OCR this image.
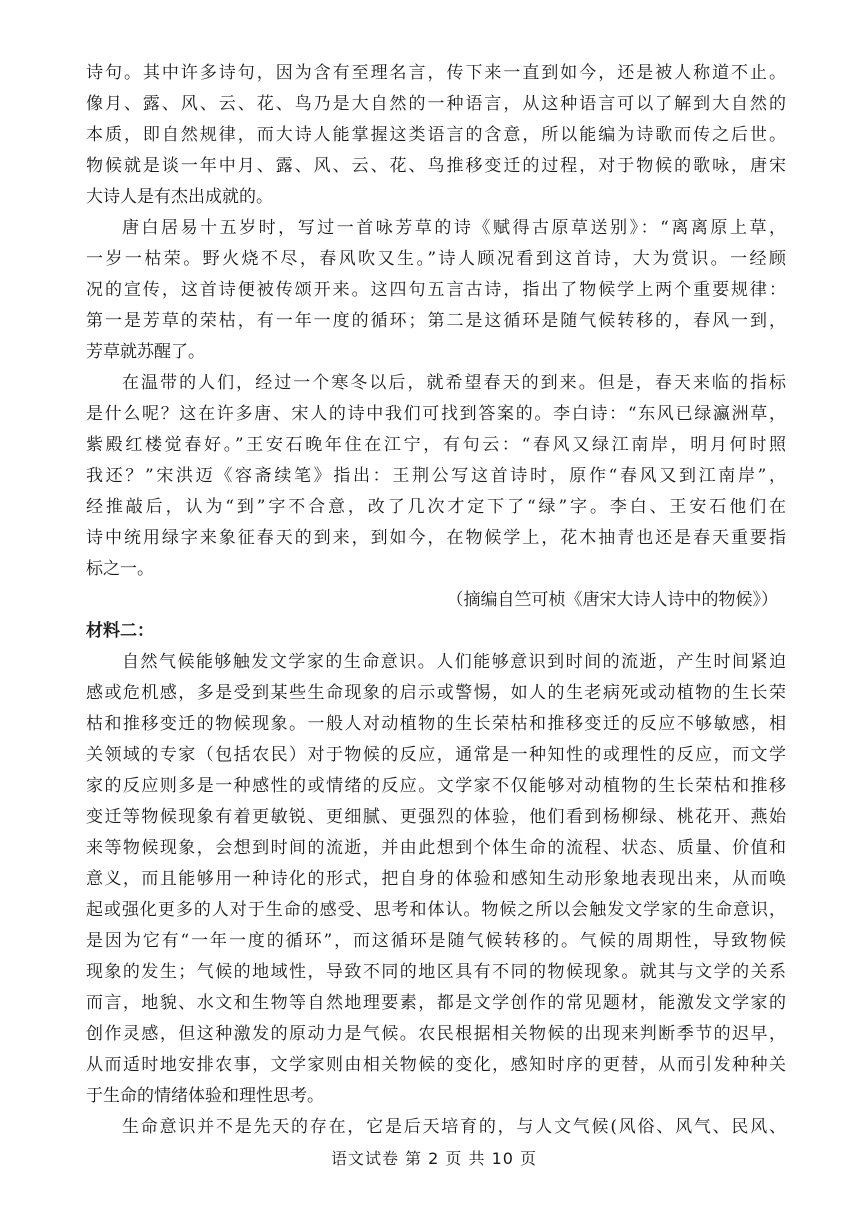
诗句。其中许多诗句，因为含有至理名言，传下来一直到如今，还是被人称道不止。
像月、露、风、云、花、鸟乃是大自然的一种语言，从这种语言可以了解到大自然的
本质，即自然规律，而大诗人能掌握这类语言的含意，所以能编为诗歌而传之后世。
物候就是谈一年中月、露、风、云、花、鸟推移变迁的过程，对于物候的歌咏，唐宋
大诗人是有杰出成就的。
唐白居易十五岁时，写过一首咏芳草的诗《赋得古原草送别》：“离离原上草，
一岁一枯荣。野火烧不尽，春风吹又生。”诗人顾况看到这首诗，大为赏识。一经顾
况的宣传，这首诗便被传颂开来。这四句五言古诗，指出了物候学上两个重要规律：
第一是芳草的荣枯，有一年一度的循环；第二是这循环是随气候转移的，春风一到，
芳草就苏醒了。
在温带的人们，经过一个寒冬以后，就希望春天的到来。但是，春天来临的指标
是什么呢？这在许多唐、宋人的诗中我们可找到答案的。李白诗：“东风已绿瀛洲草，
紫殿红楼觉春好。”王安石晚年住在江宁，有句云：“春风又绿江南岸，明月何时照
我还？”宋洪迈《容斋续笔》指出：王荆公写这首诗时，原作“春风又到江南岸”，
经推敲后，认为“到”字不合意，改了几次才定下了“绿”字。李白、王安石他们在
诗中统用绿字来象征春天的到来，到如今，在物候学上，花木抽青也还是春天重要指
标之一。
（摘编自竺可桢《唐宋大诗人诗中的物候》）
材料二：
自然气候能够触发文学家的生命意识。人们能够意识到时间的流逝，产生时间紧迫
感或危机感，多是受到某些生命现象的启示或警惕，如人的生老病死或动植物的生长荣
枯和推移变迁的物候现象。一般人对动植物的生长荣枯和推移变迁的反应不够敏感，相
关领域的专家（包括农民）对于物候的反应，通常是一种知性的或理性的反应，而文学
家的反应则多是一种感性的或情绪的反应。文学家不仅能够对动植物的生长荣枯和推移
变迁等物候现象有着更敏锐、更细腻、更强烈的体验，他们看到杨柳绿、桃花开、燕始
来等物候现象，会想到时间的流逝，并由此想到个体生命的流程、状态、质量、价值和
意义，而且能够用一种诗化的形式，把自身的体验和感知生动形象地表现出来，从而唤
起或强化更多的人对于生命的感受、思考和体认。物候之所以会触发文学家的生命意识，
是因为它有“一年一度的循环”，而这循环是随气候转移的。气候的周期性，导致物候
现象的发生；气候的地域性，导致不同的地区具有不同的物候现象。就其与文学的关系
而言，地貌、水文和生物等自然地理要素，都是文学创作的常见题材，能激发文学家的
创作灵感，但这种激发的原动力是气候。农民根据相关物候的出现来判断季节的迟早，
从而适时地安排农事，文学家则由相关物候的变化，感知时序的更替，从而引发种种关
于生命的情绪体验和理性思考。
生命意识并不是先天的存在，它是后天培育的，与人文气候(风俗、风气、民风、
语文试卷 第 2 页 共 10 页
